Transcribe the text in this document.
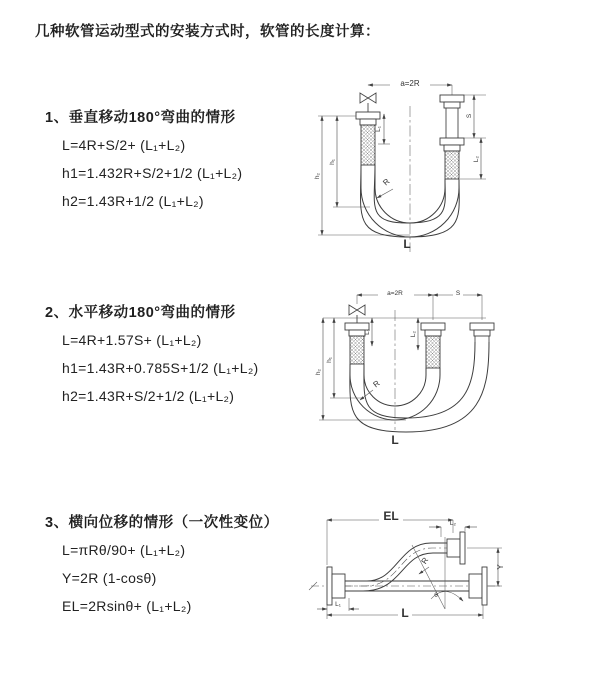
几种软管运动型式的安装方式时，软管的长度计算：
1、垂直移动180°弯曲的情形
L=4R+S/2+ (L₁+L₂)
h1=1.432R+S/2+1/2 (L₁+L₂)
h2=1.43R+1/2 (L₁+L₂)
2、水平移动180°弯曲的情形
L=4R+1.57S+ (L₁+L₂)
h1=1.43R+0.785S+1/2 (L₁+L₂)
h2=1.43R+S/2+1/2 (L₁+L₂)
3、横向位移的情形（一次性变位）
L=πRθ/90+ (L₁+L₂)
Y=2R (1-cosθ)
EL=2Rsinθ+ (L₁+L₂)
a=2R
L₁
S
L₂
h₂
h₁
R
L
a=2R	S
L₁	L₂
h₂
h₁
R
L
EL
L₂
Y
θ
R
L₁
L
